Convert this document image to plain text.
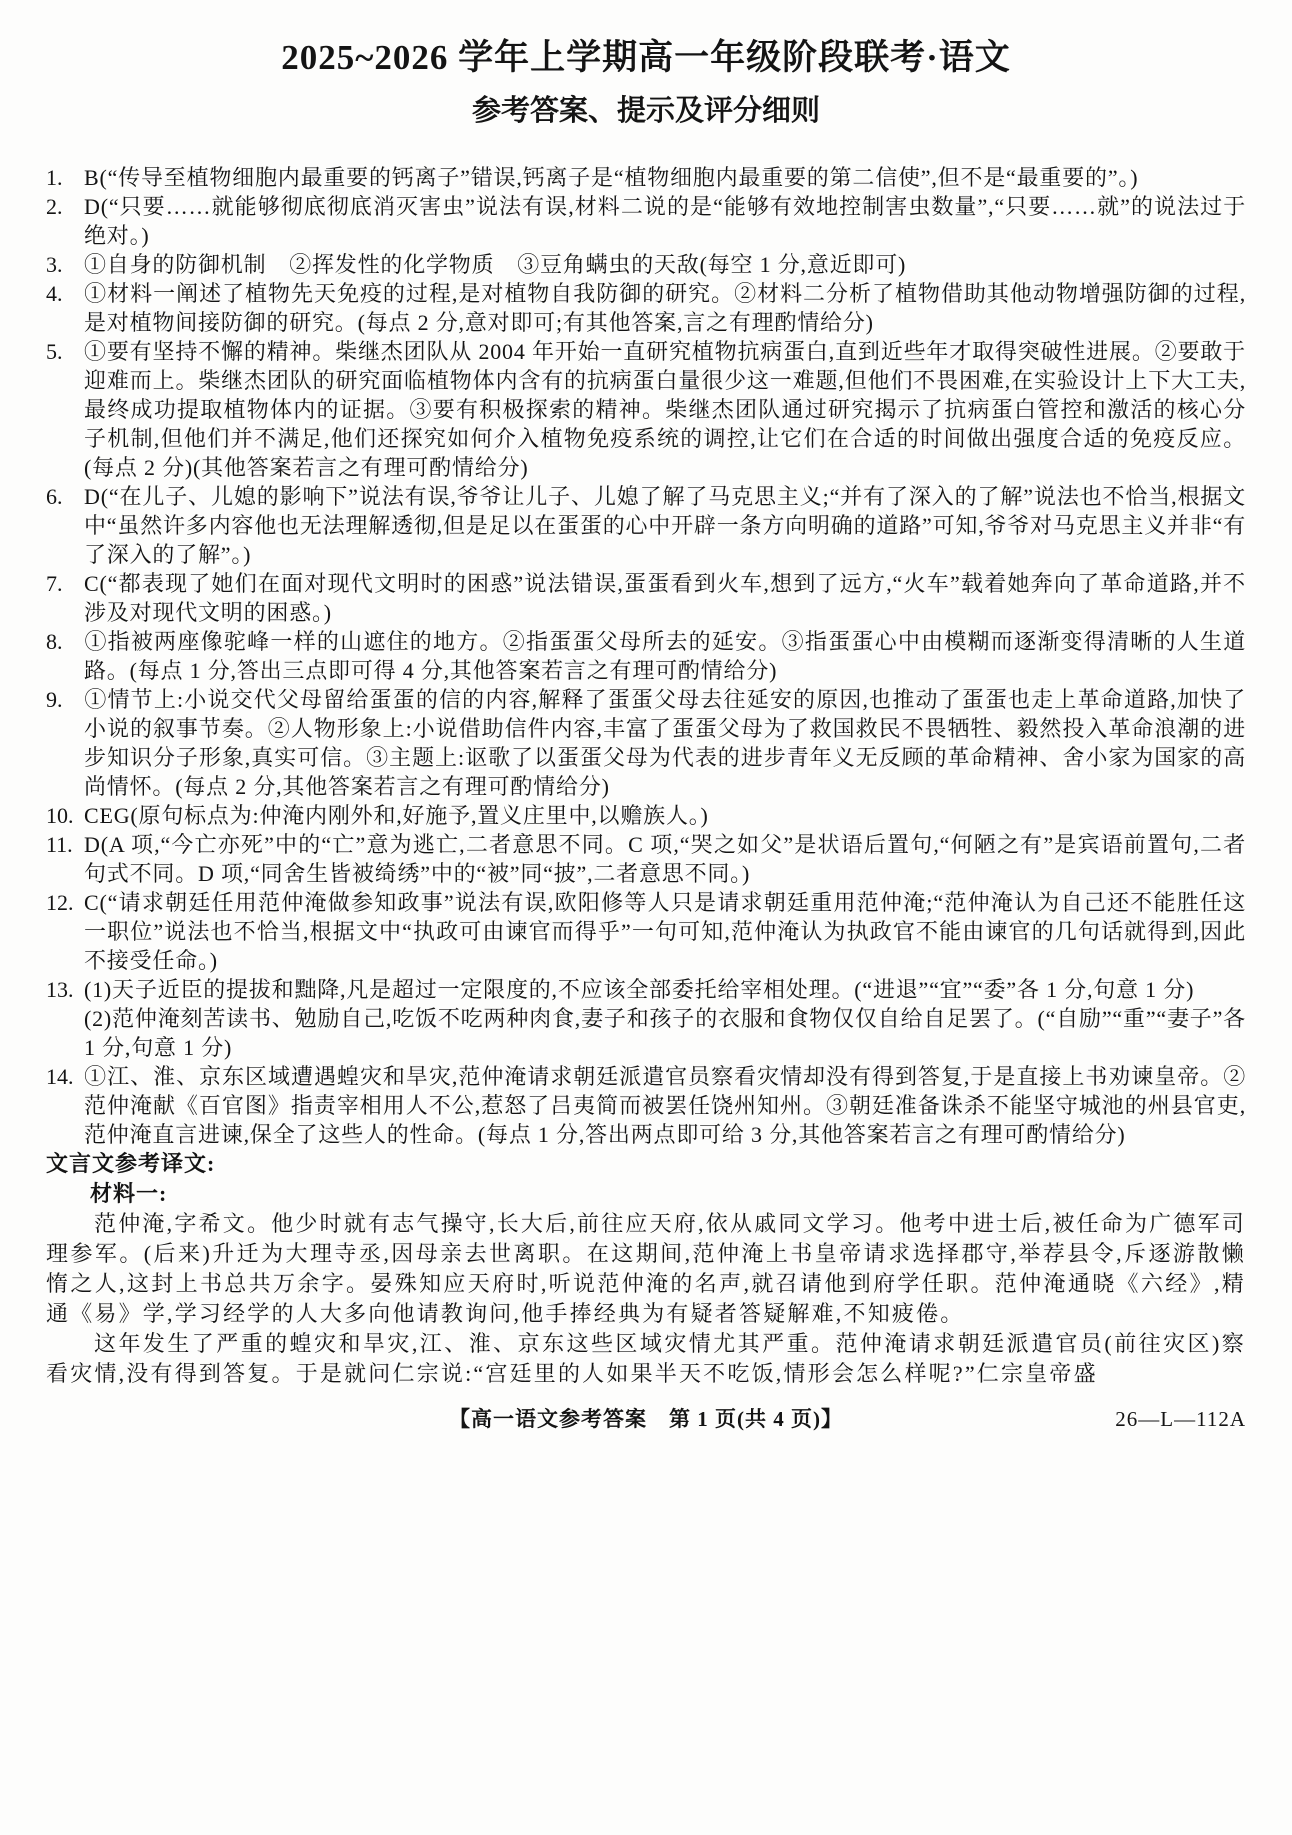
2025~2026 学年上学期高一年级阶段联考·语文
参考答案、提示及评分细则

1. B(“传导至植物细胞内最重要的钙离子”错误,钙离子是“植物细胞内最重要的第二信使”,但不是“最重要的”。)

2. D(“只要……就能够彻底彻底消灭害虫”说法有误,材料二说的是“能够有效地控制害虫数量”,“只要……就”的说法过于绝对。)

3. ①自身的防御机制　②挥发性的化学物质　③豆角螨虫的天敌(每空 1 分,意近即可)

4. ①材料一阐述了植物先天免疫的过程,是对植物自我防御的研究。②材料二分析了植物借助其他动物增强防御的过程,是对植物间接防御的研究。(每点 2 分,意对即可;有其他答案,言之有理酌情给分)

5. ①要有坚持不懈的精神。柴继杰团队从 2004 年开始一直研究植物抗病蛋白,直到近些年才取得突破性进展。②要敢于迎难而上。柴继杰团队的研究面临植物体内含有的抗病蛋白量很少这一难题,但他们不畏困难,在实验设计上下大工夫,最终成功提取植物体内的证据。③要有积极探索的精神。柴继杰团队通过研究揭示了抗病蛋白管控和激活的核心分子机制,但他们并不满足,他们还探究如何介入植物免疫系统的调控,让它们在合适的时间做出强度合适的免疫反应。(每点 2 分)(其他答案若言之有理可酌情给分)

6. D(“在儿子、儿媳的影响下”说法有误,爷爷让儿子、儿媳了解了马克思主义;“并有了深入的了解”说法也不恰当,根据文中“虽然许多内容他也无法理解透彻,但是足以在蛋蛋的心中开辟一条方向明确的道路”可知,爷爷对马克思主义并非“有了深入的了解”。)

7. C(“都表现了她们在面对现代文明时的困惑”说法错误,蛋蛋看到火车,想到了远方,“火车”载着她奔向了革命道路,并不涉及对现代文明的困惑。)

8. ①指被两座像驼峰一样的山遮住的地方。②指蛋蛋父母所去的延安。③指蛋蛋心中由模糊而逐渐变得清晰的人生道路。(每点 1 分,答出三点即可得 4 分,其他答案若言之有理可酌情给分)

9. ①情节上:小说交代父母留给蛋蛋的信的内容,解释了蛋蛋父母去往延安的原因,也推动了蛋蛋也走上革命道路,加快了小说的叙事节奏。②人物形象上:小说借助信件内容,丰富了蛋蛋父母为了救国救民不畏牺牲、毅然投入革命浪潮的进步知识分子形象,真实可信。③主题上:讴歌了以蛋蛋父母为代表的进步青年义无反顾的革命精神、舍小家为国家的高尚情怀。(每点 2 分,其他答案若言之有理可酌情给分)

10. CEG(原句标点为:仲淹内刚外和,好施予,置义庄里中,以赡族人。)

11. D(A 项,“今亡亦死”中的“亡”意为逃亡,二者意思不同。C 项,“哭之如父”是状语后置句,“何陋之有”是宾语前置句,二者句式不同。D 项,“同舍生皆被绮绣”中的“被”同“披”,二者意思不同。)

12. C(“请求朝廷任用范仲淹做参知政事”说法有误,欧阳修等人只是请求朝廷重用范仲淹;“范仲淹认为自己还不能胜任这一职位”说法也不恰当,根据文中“执政可由谏官而得乎”一句可知,范仲淹认为执政官不能由谏官的几句话就得到,因此不接受任命。)

13. (1)天子近臣的提拔和黜降,凡是超过一定限度的,不应该全部委托给宰相处理。(“进退”“宜”“委”各 1 分,句意 1 分)

(2)范仲淹刻苦读书、勉励自己,吃饭不吃两种肉食,妻子和孩子的衣服和食物仅仅自给自足罢了。(“自励”“重”“妻子”各 1 分,句意 1 分)

14. ①江、淮、京东区域遭遇蝗灾和旱灾,范仲淹请求朝廷派遣官员察看灾情却没有得到答复,于是直接上书劝谏皇帝。②范仲淹献《百官图》指责宰相用人不公,惹怒了吕夷简而被罢任饶州知州。③朝廷准备诛杀不能坚守城池的州县官吏,范仲淹直言进谏,保全了这些人的性命。(每点 1 分,答出两点即可给 3 分,其他答案若言之有理可酌情给分)

文言文参考译文:

材料一:

范仲淹,字希文。他少时就有志气操守,长大后,前往应天府,依从戚同文学习。他考中进士后,被任命为广德军司理参军。(后来)升迁为大理寺丞,因母亲去世离职。在这期间,范仲淹上书皇帝请求选择郡守,举荐县令,斥逐游散懒惰之人,这封上书总共万余字。晏殊知应天府时,听说范仲淹的名声,就召请他到府学任职。范仲淹通晓《六经》,精通《易》学,学习经学的人大多向他请教询问,他手捧经典为有疑者答疑解难,不知疲倦。

这年发生了严重的蝗灾和旱灾,江、淮、京东这些区域灾情尤其严重。范仲淹请求朝廷派遣官员(前往灾区)察看灾情,没有得到答复。于是就问仁宗说:“宫廷里的人如果半天不吃饭,情形会怎么样呢?”仁宗皇帝盛

【高一语文参考答案　第 1 页(共 4 页)】	26—L—112A
